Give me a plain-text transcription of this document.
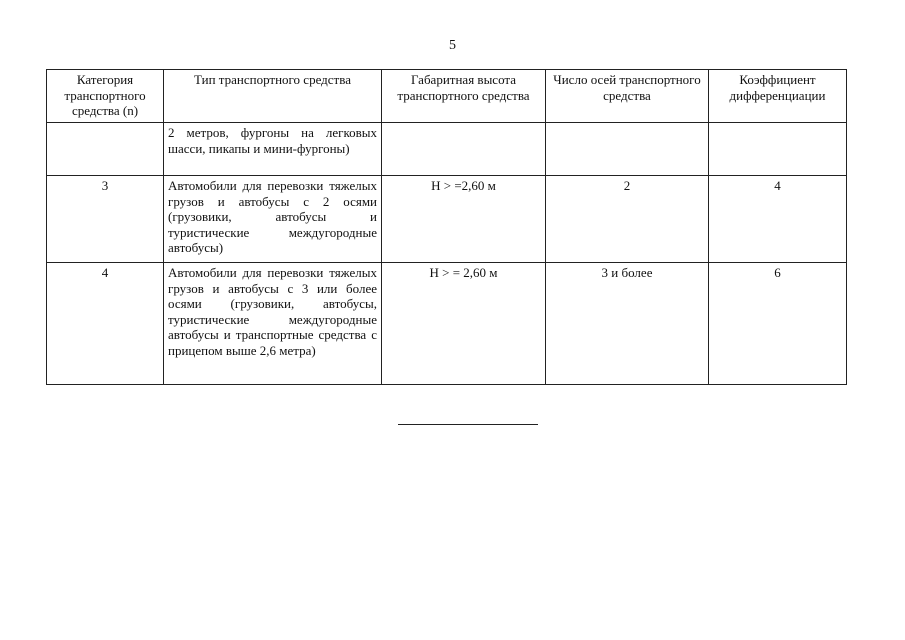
5
Категория транспортного средства (n)	Тип транспортного средства	Габаритная высота транспортного средства	Число осей транспортного средства	Коэффициент дифференциации
	2 метров, фургоны на легковых шасси, пикапы и мини-фургоны)			
3	Автомобили для перевозки тяжелых грузов и автобусы с 2 осями (грузовики, автобусы и туристические междугородные автобусы)	H > =2,60 м	2	4
4	Автомобили для перевозки тяжелых грузов и автобусы с 3 или более осями (грузовики, автобусы, туристические междугородные автобусы и транспортные средства с прицепом выше 2,6 метра)	H > = 2,60 м	3 и более	6
